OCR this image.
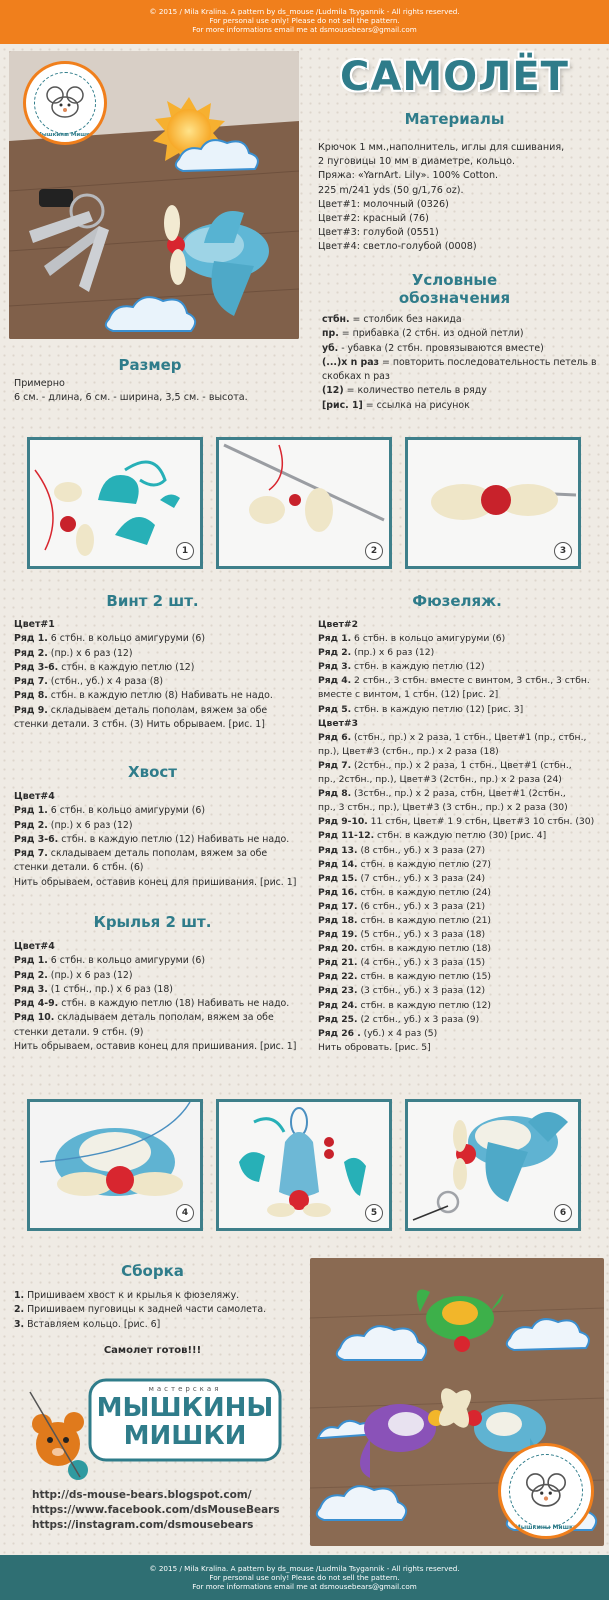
© 2015 / Mila Kralina. A pattern by ds_mouse /Ludmila Tsygannik - All rights reserved.
For personal use only! Please do not sell the pattern.
For more informations email me at dsmousebears@gmail.com
Мышкины Мишки
САМОЛЁТ
Материалы
Крючок 1 мм.,наполнитель, иглы для сшивания,
2 пуговицы 10 мм в диаметре, кольцо.
Пряжа: «YarnArt. Lily». 100% Cotton.
225 m/241 yds (50 g/1,76 oz).
Цвет#1: молочный (0326)
Цвет#2: красный (76)
Цвет#3: голубой (0551)
Цвет#4: светло-голубой (0008)
Условные
обозначения
стбн. = столбик без накида
пр. = прибавка (2 стбн. из одной петли)
уб. - убавка (2 стбн. провязываются вместе)
(...)x n раз = повторить последовательность петель в
скобках n раз
(12) = количество петель в ряду
[рис. 1] = ссылка на рисунок
Размер
Примерно
6 см. - длина, 6 см. - ширина, 3,5 см. - высота.
1	2	3
Винт 2 шт.
Цвет#1
Ряд 1. 6 стбн. в кольцо амигуруми (6)
Ряд 2. (пр.) х 6 раз (12)
Ряд 3-6. стбн. в каждую петлю (12)
Ряд 7. (стбн., уб.) х 4 раза (8)
Ряд 8. стбн. в каждую петлю (8) Набивать не надо.
Ряд 9. складываем деталь пополам, вяжем за обе
стенки детали. 3 стбн. (3) Нить обрываем. [рис. 1]
Хвост
Цвет#4
Ряд 1. 6 стбн. в кольцо амигуруми (6)
Ряд 2. (пр.) х 6 раз (12)
Ряд 3-6. стбн. в каждую петлю (12) Набивать не надо.
Ряд 7. складываем деталь пополам, вяжем за обе
стенки детали. 6 стбн. (6)
Нить обрываем, оставив конец для пришивания. [рис. 1]
Крылья 2 шт.
Цвет#4
Ряд 1. 6 стбн. в кольцо амигуруми (6)
Ряд 2. (пр.) х 6 раз (12)
Ряд 3. (1 стбн., пр.) х 6 раз (18)
Ряд 4-9. стбн. в каждую петлю (18) Набивать не надо.
Ряд 10. складываем деталь пополам, вяжем за обе
стенки детали. 9 стбн. (9)
Нить обрываем, оставив конец для пришивания. [рис. 1]
Фюзеляж.
Цвет#2
Ряд 1. 6 стбн. в кольцо амигуруми (6)
Ряд 2. (пр.) х 6 раз (12)
Ряд 3. стбн. в каждую петлю (12)
Ряд 4. 2 стбн., 3 стбн. вместе с винтом, 3 стбн., 3 стбн.
вместе с винтом, 1 стбн. (12) [рис. 2]
Ряд 5. стбн. в каждую петлю (12) [рис. 3]
Цвет#3
Ряд 6. (стбн., пр.) х 2 раза, 1 стбн., Цвет#1 (пр., стбн.,
пр.), Цвет#3 (стбн., пр.) х 2 раза (18)
Ряд 7. (2стбн., пр.) х 2 раза, 1 стбн., Цвет#1 (стбн.,
пр., 2стбн., пр.), Цвет#3 (2стбн., пр.) х 2 раза (24)
Ряд 8. (3стбн., пр.) х 2 раза, стбн, Цвет#1 (2стбн.,
пр., 3 стбн., пр.), Цвет#3 (3 стбн., пр.) х 2 раза (30)
Ряд 9-10. 11 стбн, Цвет# 1 9 стбн, Цвет#3 10 стбн. (30)
Ряд 11-12. стбн. в каждую петлю (30) [рис. 4]
Ряд 13. (8 стбн., уб.) х 3 раза (27)
Ряд 14. стбн. в каждую петлю (27)
Ряд 15. (7 стбн., уб.) х 3 раза (24)
Ряд 16. стбн. в каждую петлю (24)
Ряд 17. (6 стбн., уб.) х 3 раза (21)
Ряд 18. стбн. в каждую петлю (21)
Ряд 19. (5 стбн., уб.) х 3 раза (18)
Ряд 20. стбн. в каждую петлю (18)
Ряд 21. (4 стбн., уб.) х 3 раза (15)
Ряд 22. стбн. в каждую петлю (15)
Ряд 23. (3 стбн., уб.) х 3 раза (12)
Ряд 24. стбн. в каждую петлю (12)
Ряд 25. (2 стбн., уб.) х 3 раза (9)
Ряд 26 . (уб.) х 4 раз (5)
Нить обровать. [рис. 5]
4	5	6
Сборка
1. Пришиваем хвост к и крылья к фюзеляжу.
2. Пришиваем пуговицы к задней части самолета.
3. Вставляем кольцо. [рис. 6]
Самолет готов!!!
мастерская
МЫШКИНЫ
МИШКИ
http://ds-mouse-bears.blogspot.com/
https://www.facebook.com/dsMouseBears
https://instagram.com/dsmousebears	Мышкины Мишки
© 2015 / Mila Kralina. A pattern by ds_mouse /Ludmila Tsygannik - All rights reserved.
For personal use only! Please do not sell the pattern.
For more informations email me at dsmousebears@gmail.com
